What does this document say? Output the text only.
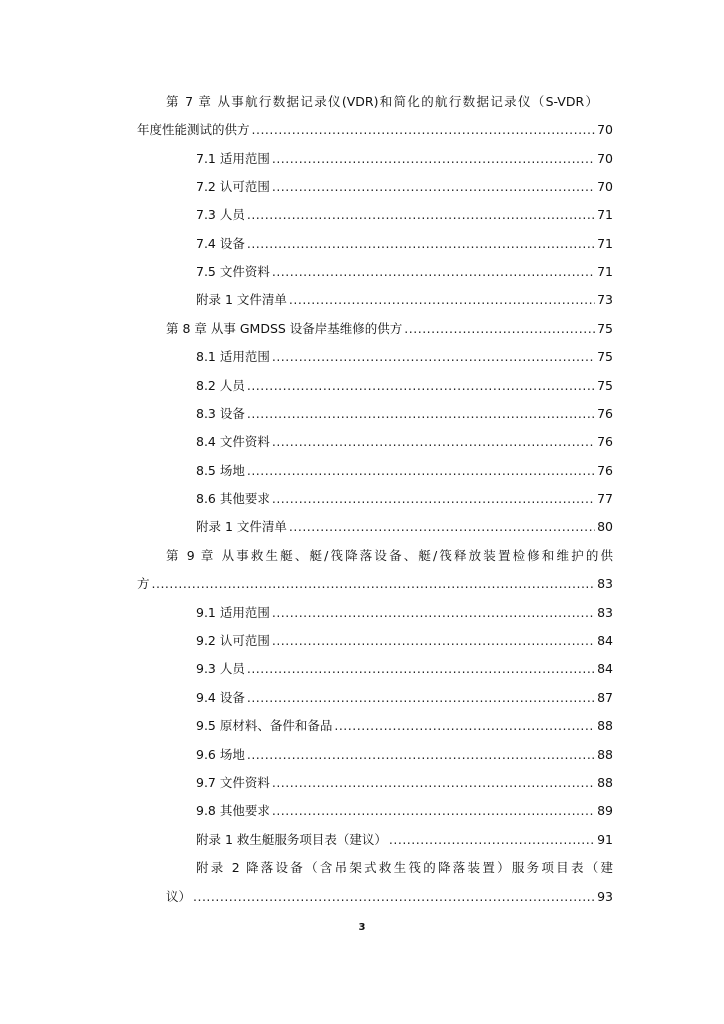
第 7 章 从事航行数据记录仪(VDR)和简化的航行数据记录仪（S-VDR）
年度性能测试的供方 .....	70
7.1 适用范围 .....	70
7.2 认可范围 .....	70
7.3 人员 .....	71
7.4 设备 .....	71
7.5 文件资料 .....	71
附录 1 文件清单 .....	73
第 8 章 从事 GMDSS 设备岸基维修的供方 .....	75
8.1 适用范围 .....	75
8.2 人员 .....	75
8.3 设备 .....	76
8.4 文件资料 .....	76
8.5 场地 .....	76
8.6 其他要求 .....	77
附录 1 文件清单 .....	80
第 9 章 从事救生艇、艇/筏降落设备、艇/筏释放装置检修和维护的供
方 .....	83
9.1 适用范围 .....	83
9.2 认可范围 .....	84
9.3 人员 .....	84
9.4 设备 .....	87
9.5 原材料、备件和备品 .....	88
9.6 场地 .....	88
9.7 文件资料 .....	88
9.8 其他要求 .....	89
附录 1 救生艇服务项目表（建议） .....	91
附录 2 降落设备（含吊架式救生筏的降落装置）服务项目表（建
议） .....	93
3
